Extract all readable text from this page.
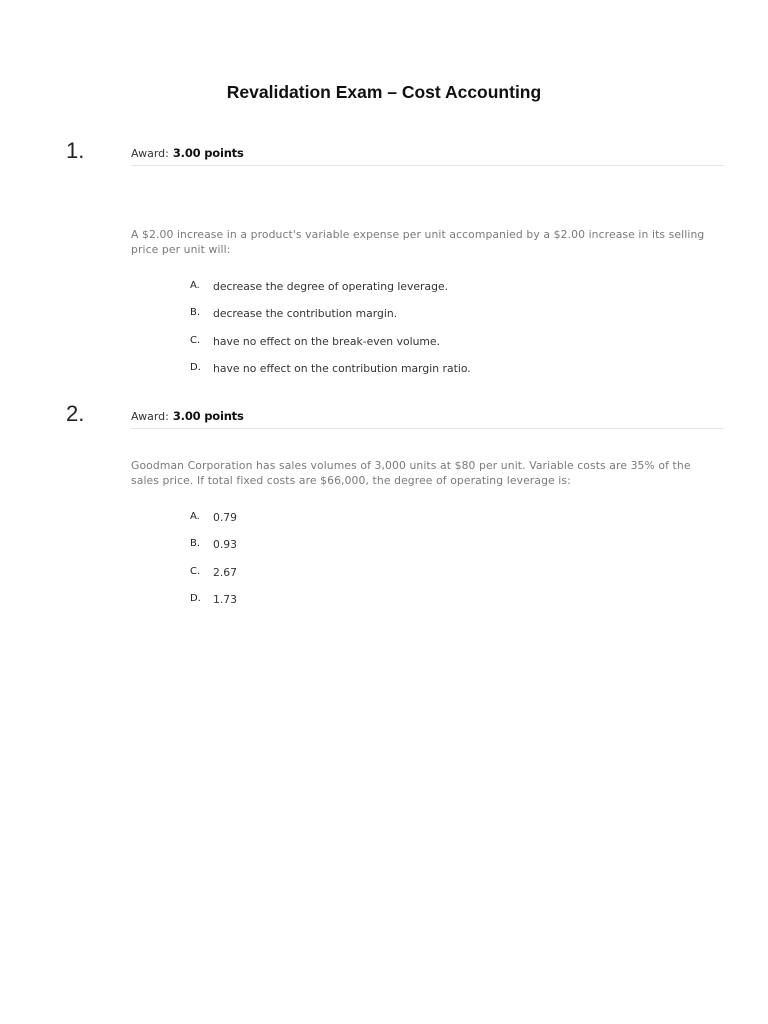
Revalidation Exam – Cost Accounting
1.	Award: 3.00 points
A $2.00 increase in a product's variable expense per unit accompanied by a $2.00 increase in its selling price per unit will:
A.	decrease the degree of operating leverage.
B.	decrease the contribution margin.
C.	have no effect on the break-even volume.
D.	have no effect on the contribution margin ratio.
2.	Award: 3.00 points
Goodman Corporation has sales volumes of 3,000 units at $80 per unit. Variable costs are 35% of the sales price. If total fixed costs are $66,000, the degree of operating leverage is:
A.	0.79
B.	0.93
C.	2.67
D.	1.73
